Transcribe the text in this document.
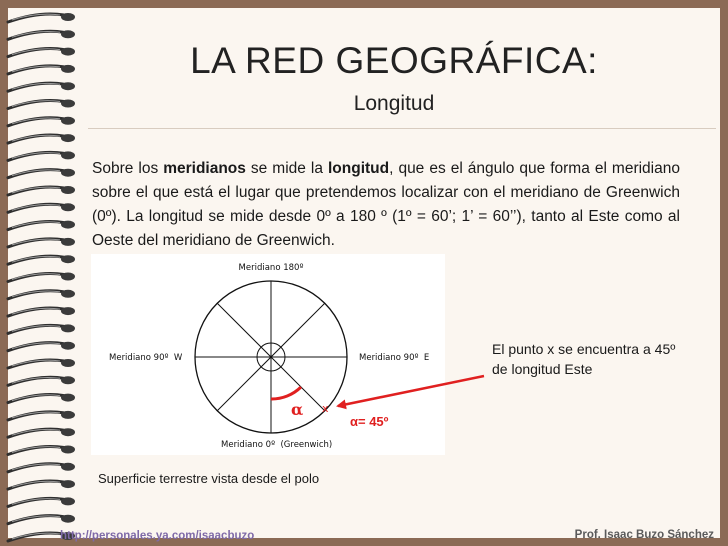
LA RED GEOGRÁFICA:
Longitud
Sobre los meridianos se mide la longitud, que es el ángulo que forma el meridiano sobre el que está el lugar que pretendemos localizar con el meridiano de Greenwich (0º). La longitud se mide desde 0º a 180 º (1º = 60’; 1’ = 60’’), tanto al Este como al Oeste del meridiano de Greenwich.
Meridiano 180º
Meridiano 90º  W	Meridiano 90º  E
Meridiano 0º  (Greenwich)
α x
α= 45º
El punto x se encuentra a 45º de longitud Este
Superficie terrestre vista desde el polo
http://personales.ya.com/isaacbuzo	Prof. Isaac Buzo Sánchez
